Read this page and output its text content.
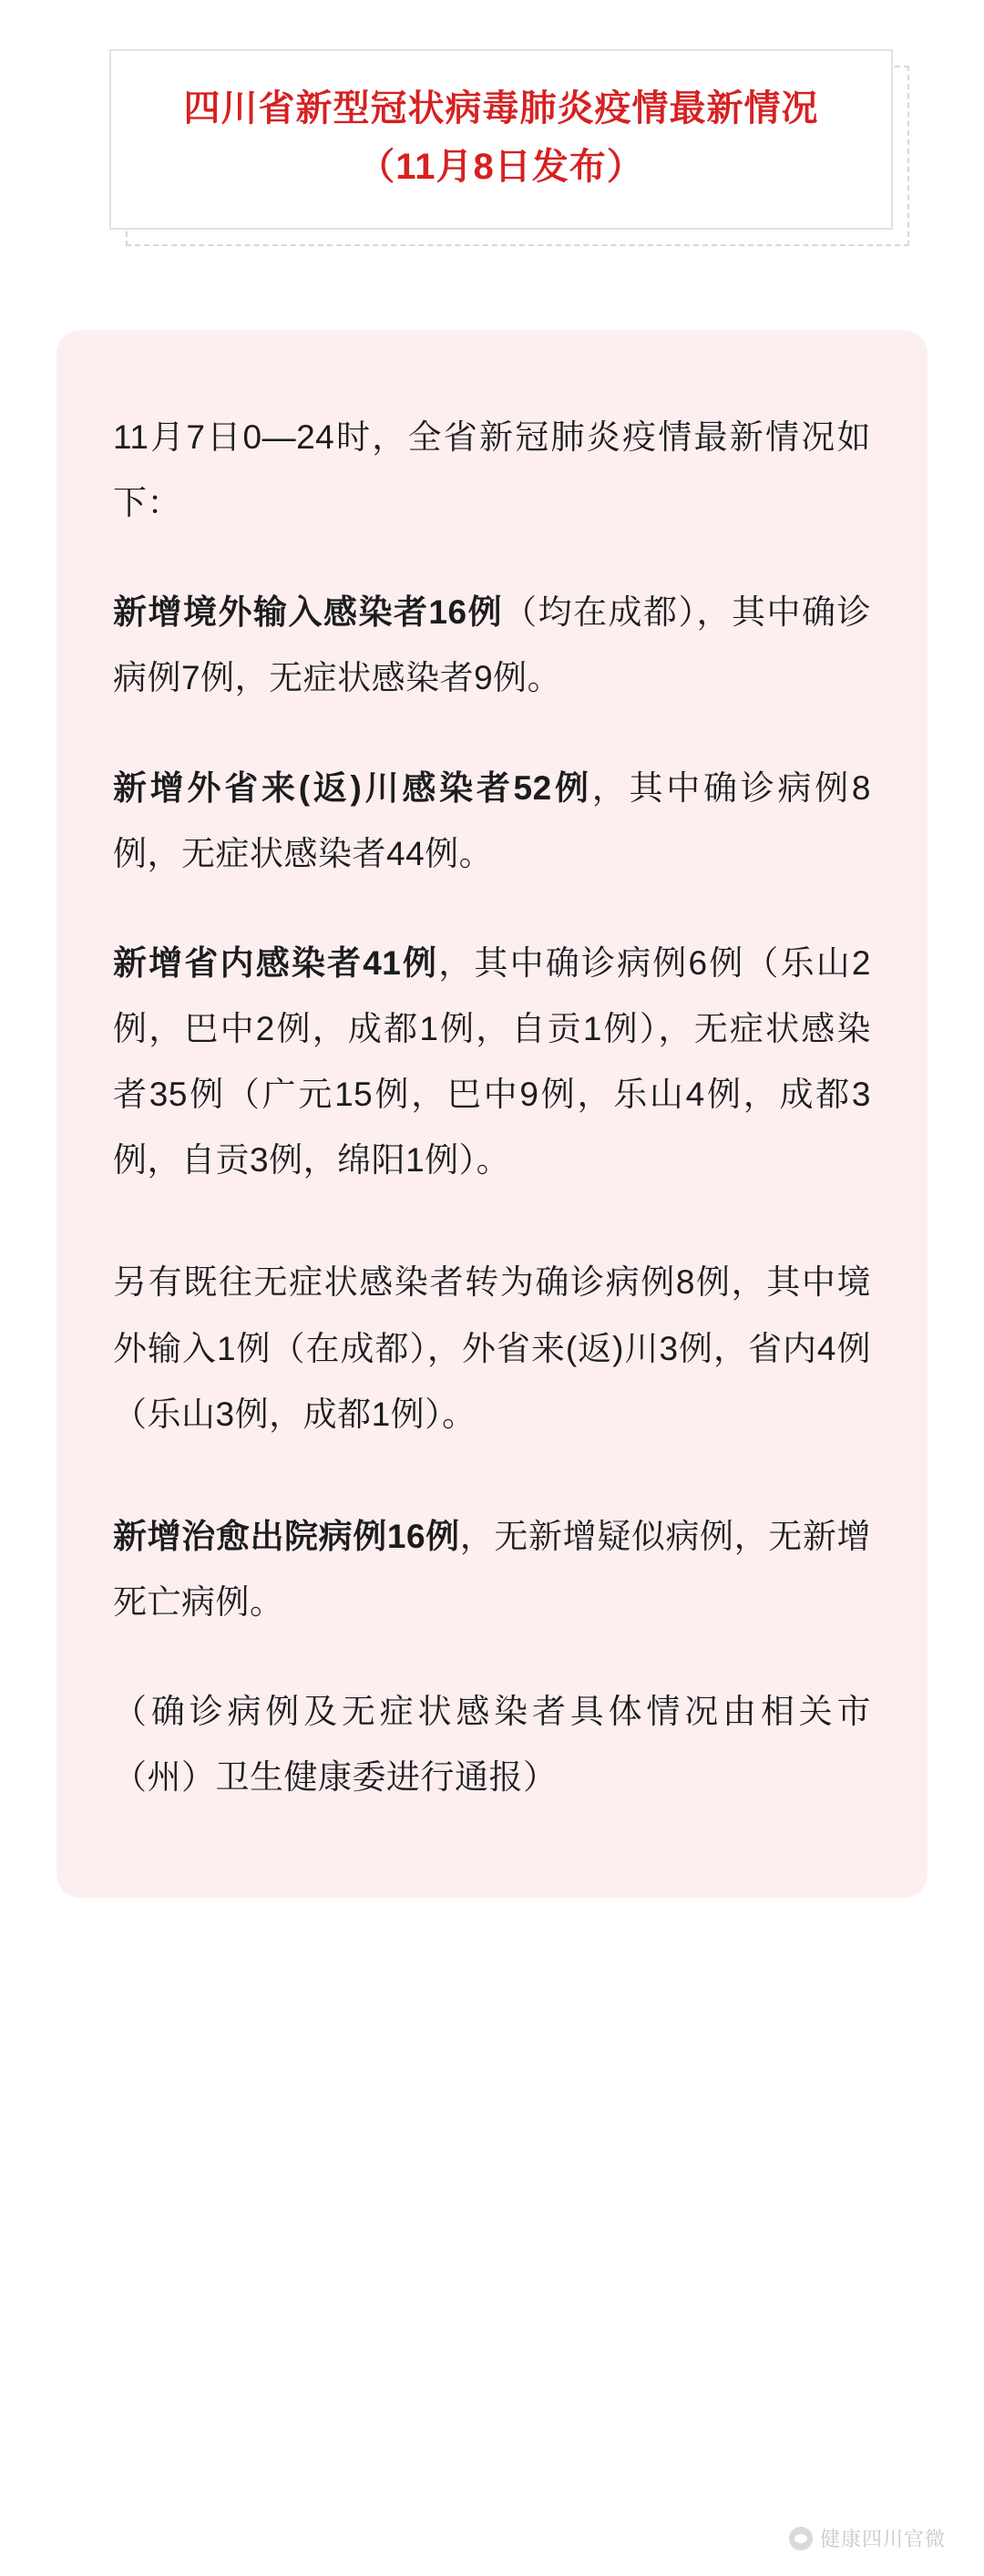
四川省新型冠状病毒肺炎疫情最新情况
（11月8日发布）
11月7日0—24时，全省新冠肺炎疫情最新情况如下：
新增境外输入感染者16例（均在成都），其中确诊病例7例，无症状感染者9例。
新增外省来(返)川感染者52例，其中确诊病例8例，无症状感染者44例。
新增省内感染者41例，其中确诊病例6例（乐山2例，巴中2例，成都1例，自贡1例），无症状感染者35例（广元15例，巴中9例，乐山4例，成都3例，自贡3例，绵阳1例）。
另有既往无症状感染者转为确诊病例8例，其中境外输入1例（在成都），外省来(返)川3例，省内4例（乐山3例，成都1例）。
新增治愈出院病例16例，无新增疑似病例，无新增死亡病例。
（确诊病例及无症状感染者具体情况由相关市（州）卫生健康委进行通报）
健康四川官微
